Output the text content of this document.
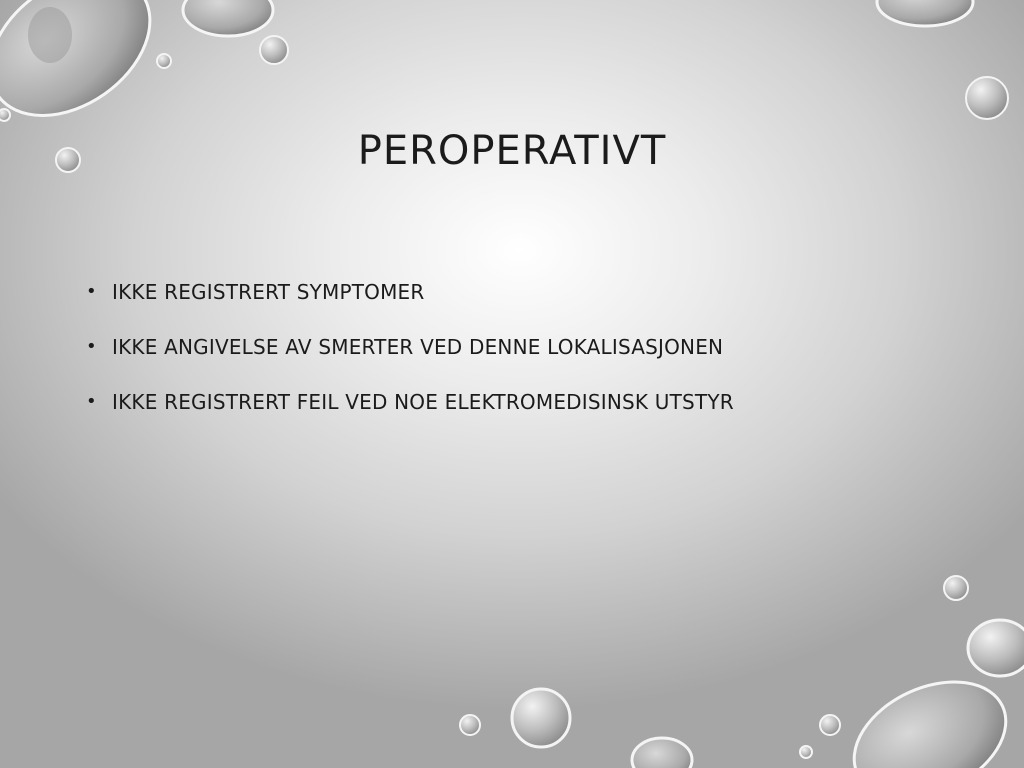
PEROPERATIVT
• IKKE REGISTRERT SYMPTOMER
• IKKE ANGIVELSE AV SMERTER VED DENNE LOKALISASJONEN
• IKKE REGISTRERT FEIL VED NOE ELEKTROMEDISINSK UTSTYR
